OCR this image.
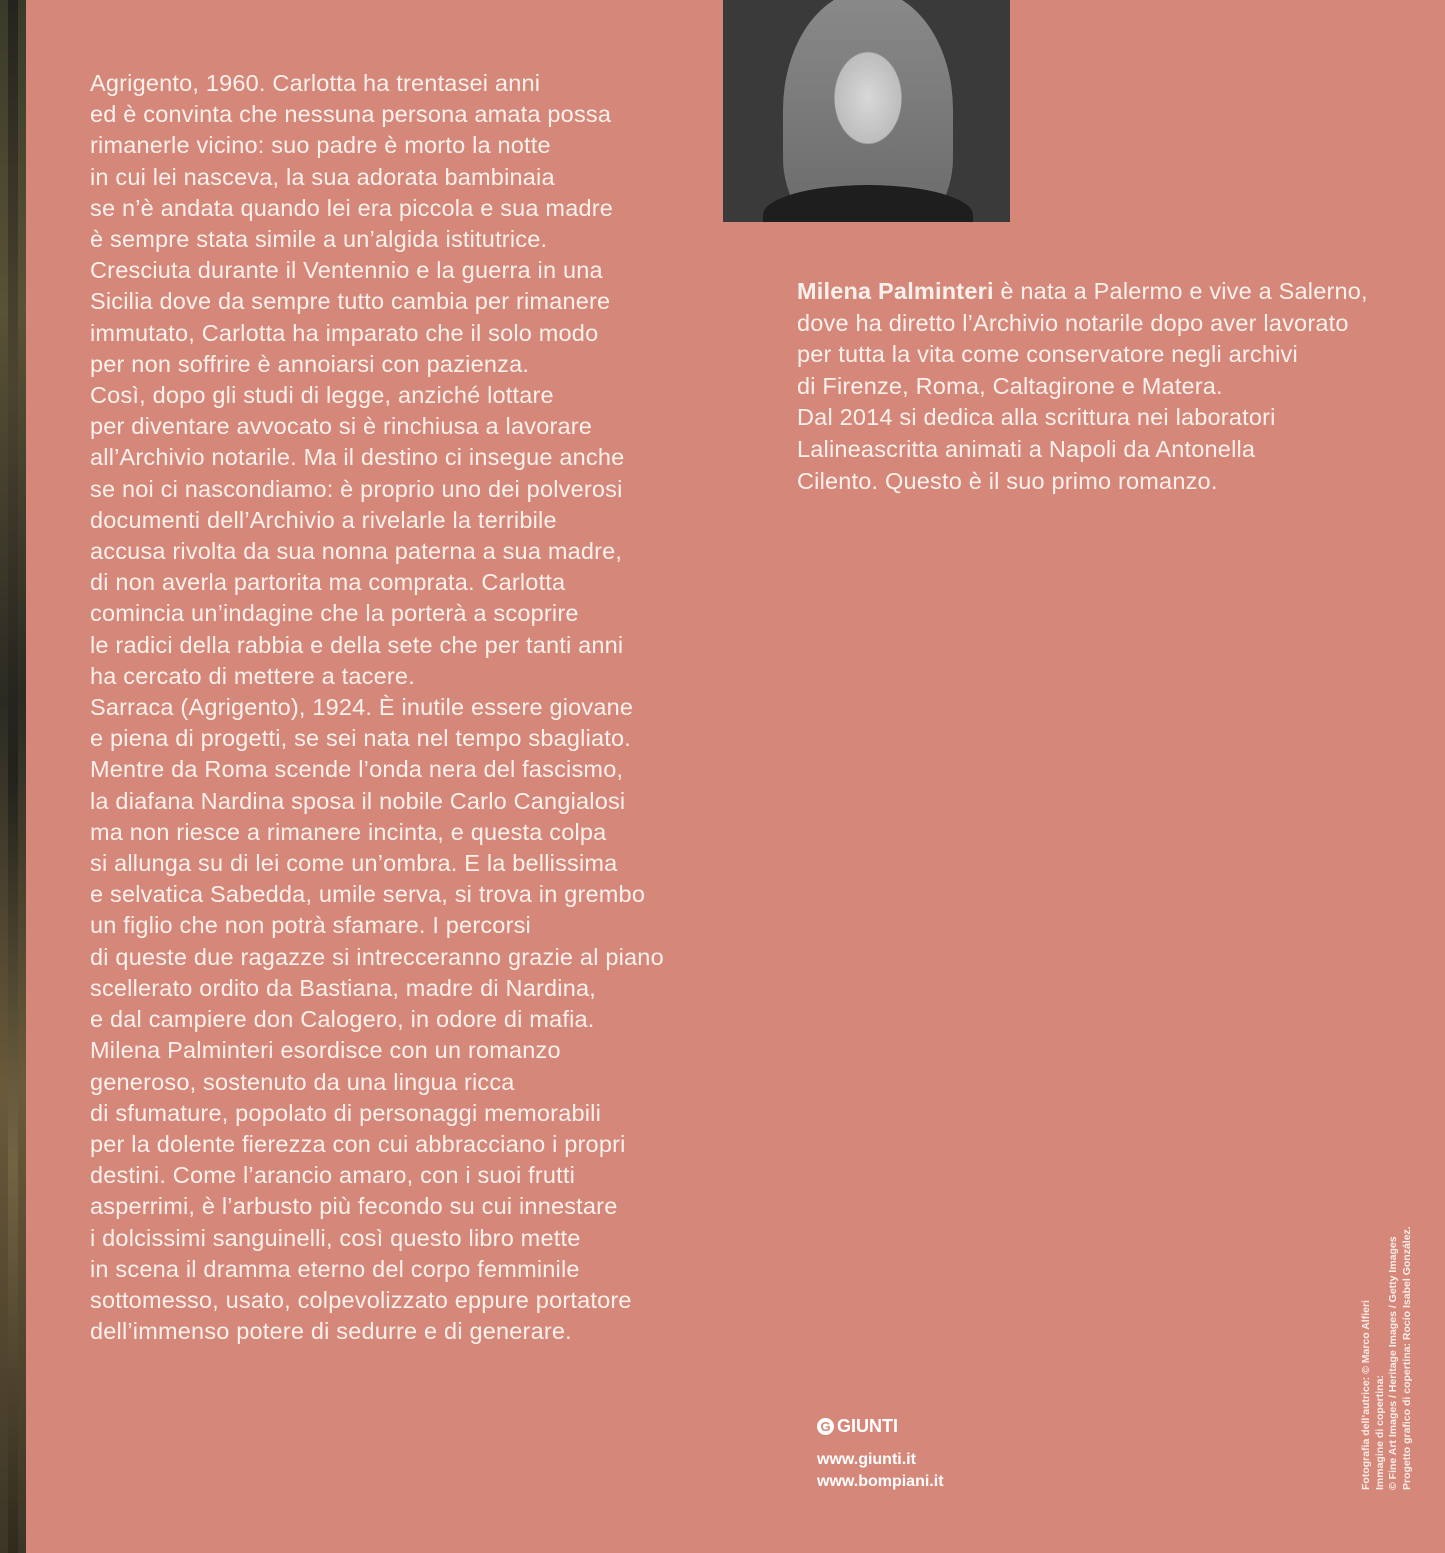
Agrigento, 1960. Carlotta ha trentasei anni
ed è convinta che nessuna persona amata possa
rimanerle vicino: suo padre è morto la notte
in cui lei nasceva, la sua adorata bambinaia
se n’è andata quando lei era piccola e sua madre
è sempre stata simile a un’algida istitutrice.
Cresciuta durante il Ventennio e la guerra in una
Sicilia dove da sempre tutto cambia per rimanere
immutato, Carlotta ha imparato che il solo modo
per non soffrire è annoiarsi con pazienza.
Così, dopo gli studi di legge, anziché lottare
per diventare avvocato si è rinchiusa a lavorare
all’Archivio notarile. Ma il destino ci insegue anche
se noi ci nascondiamo: è proprio uno dei polverosi
documenti dell’Archivio a rivelarle la terribile
accusa rivolta da sua nonna paterna a sua madre,
di non averla partorita ma comprata. Carlotta
comincia un’indagine che la porterà a scoprire
le radici della rabbia e della sete che per tanti anni
ha cercato di mettere a tacere.
Sarraca (Agrigento), 1924. È inutile essere giovane
e piena di progetti, se sei nata nel tempo sbagliato.
Mentre da Roma scende l’onda nera del fascismo,
la diafana Nardina sposa il nobile Carlo Cangialosi
ma non riesce a rimanere incinta, e questa colpa
si allunga su di lei come un’ombra. E la bellissima
e selvatica Sabedda, umile serva, si trova in grembo
un figlio che non potrà sfamare. I percorsi
di queste due ragazze si intrecceranno grazie al piano
scellerato ordito da Bastiana, madre di Nardina,
e dal campiere don Calogero, in odore di mafia.
Milena Palminteri esordisce con un romanzo
generoso, sostenuto da una lingua ricca
di sfumature, popolato di personaggi memorabili
per la dolente fierezza con cui abbracciano i propri
destini. Come l’arancio amaro, con i suoi frutti
asperrimi, è l’arbusto più fecondo su cui innestare
i dolcissimi sanguinelli, così questo libro mette
in scena il dramma eterno del corpo femminile
sottomesso, usato, colpevolizzato eppure portatore
dell’immenso potere di sedurre e di generare.
Milena Palminteri è nata a Palermo e vive a Salerno,
dove ha diretto l’Archivio notarile dopo aver lavorato
per tutta la vita come conservatore negli archivi
di Firenze, Roma, Caltagirone e Matera.
Dal 2014 si dedica alla scrittura nei laboratori
Lalineascritta animati a Napoli da Antonella
Cilento. Questo è il suo primo romanzo.
G GIUNTI
www.giunti.it
www.bompiani.it	Fotografia dell’autrice: © Marco Alfieri Immagine di copertina: © Fine Art Images / Heritage Images / Getty Images Progetto grafico di copertina: Rocío Isabel González.
